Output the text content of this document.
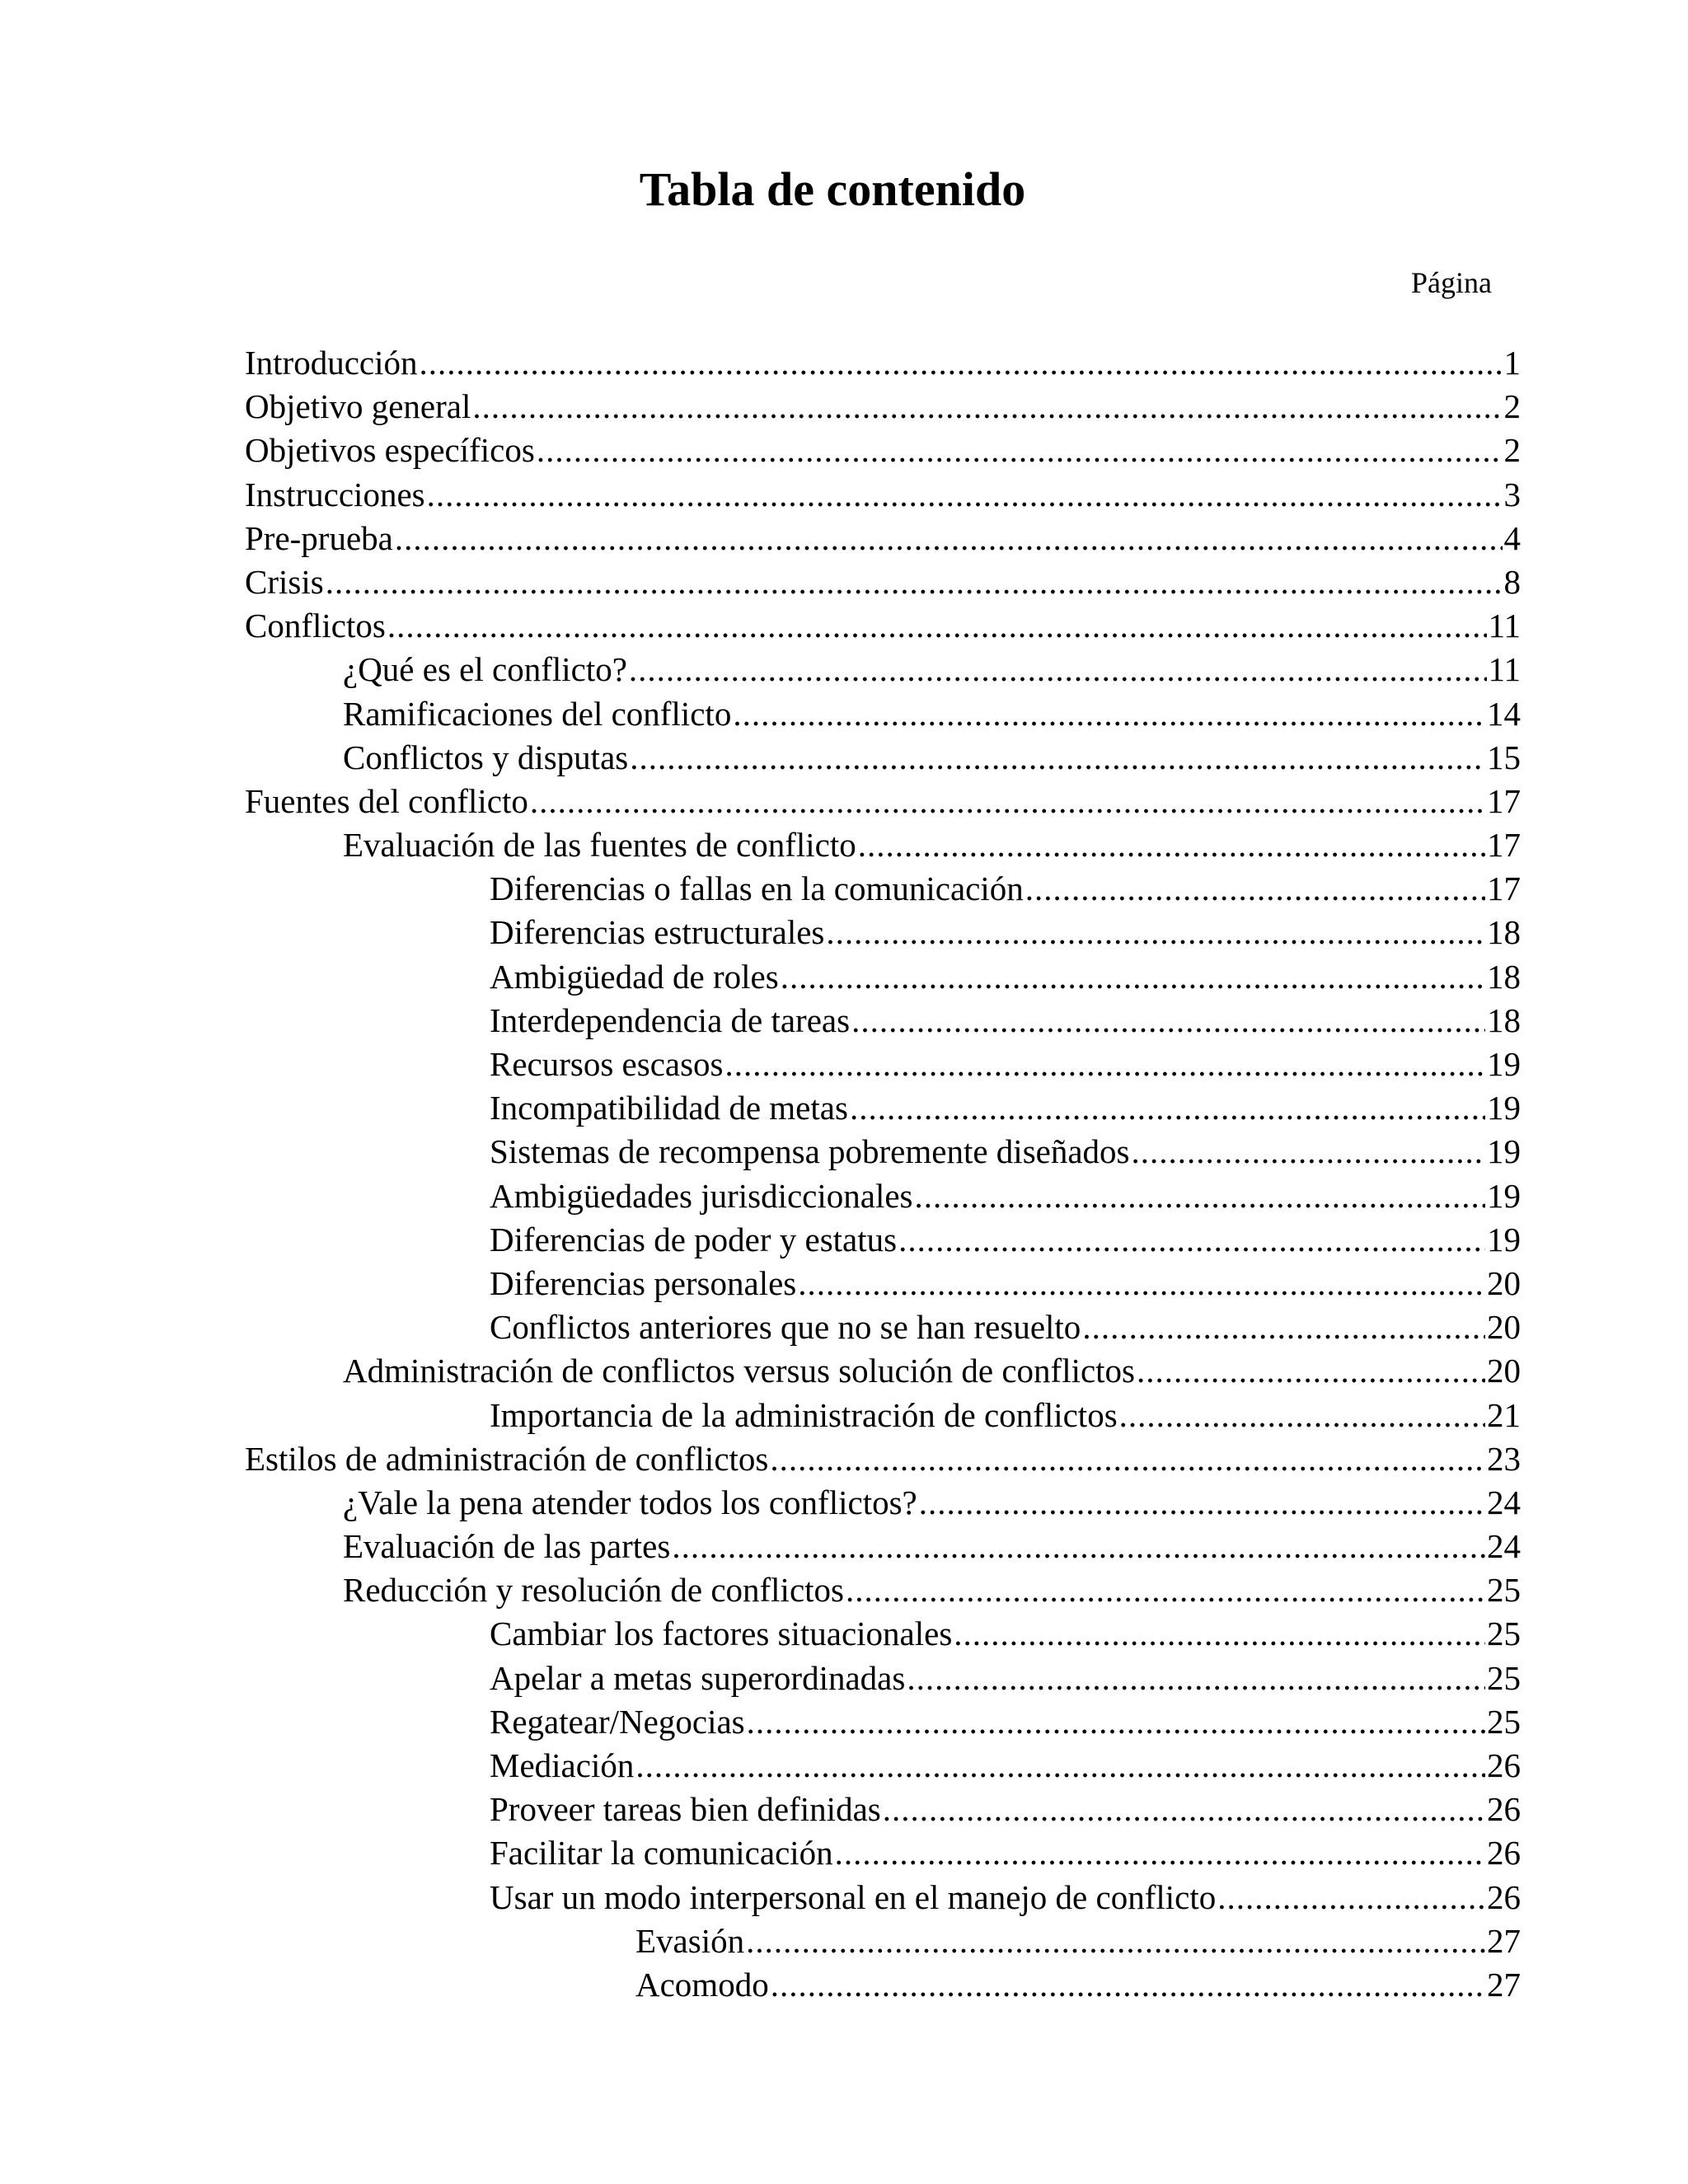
Tabla de contenido
Página
Introducción .....	1
Objetivo general .....	2
Objetivos específicos .....	2
Instrucciones .....	3
Pre-prueba .....	4
Crisis .....	8
Conflictos .....	11
¿Qué es el conflicto? .....	11
Ramificaciones del conflicto .....	14
Conflictos y disputas .....	15
Fuentes del conflicto .....	17
Evaluación de las fuentes de conflicto .....	17
Diferencias o fallas en la comunicación .....	17
Diferencias estructurales .....	18
Ambigüedad de roles .....	18
Interdependencia de tareas .....	18
Recursos escasos .....	19
Incompatibilidad de metas .....	19
Sistemas de recompensa pobremente diseñados .....	19
Ambigüedades jurisdiccionales .....	19
Diferencias de poder y estatus .....	19
Diferencias personales .....	20
Conflictos anteriores que no se han resuelto .....	20
Administración de conflictos versus solución de conflictos .....	20
Importancia de la administración de conflictos .....	21
Estilos de administración de conflictos .....	23
¿Vale la pena atender todos los conflictos? .....	24
Evaluación de las partes .....	24
Reducción y resolución de conflictos .....	25
Cambiar los factores situacionales .....	25
Apelar a metas superordinadas .....	25
Regatear/Negocias .....	25
Mediación .....	26
Proveer tareas bien definidas .....	26
Facilitar la comunicación .....	26
Usar un modo interpersonal en el manejo de conflicto .....	26
Evasión .....	27
Acomodo .....	27
